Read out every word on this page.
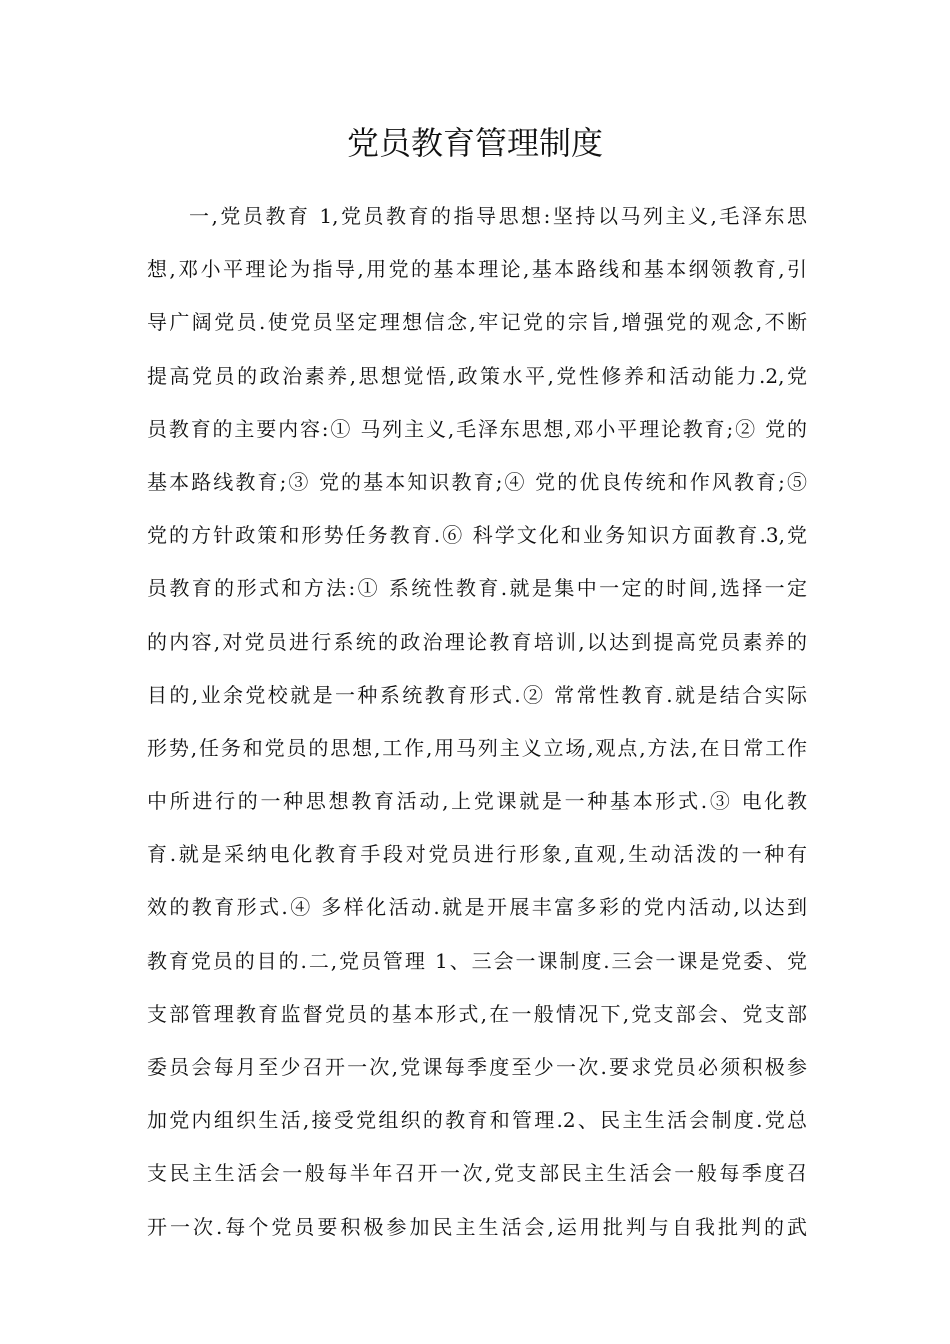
党员教育管理制度
一,党员教育 1,党员教育的指导思想:坚持以马列主义,毛泽东思
想,邓小平理论为指导,用党的基本理论,基本路线和基本纲领教育,引
导广阔党员.使党员坚定理想信念,牢记党的宗旨,增强党的观念,不断
提高党员的政治素养,思想觉悟,政策水平,党性修养和活动能力.2,党
员教育的主要内容:① 马列主义,毛泽东思想,邓小平理论教育;② 党的
基本路线教育;③ 党的基本知识教育;④ 党的优良传统和作风教育;⑤
党的方针政策和形势任务教育.⑥ 科学文化和业务知识方面教育.3,党
员教育的形式和方法:① 系统性教育.就是集中一定的时间,选择一定
的内容,对党员进行系统的政治理论教育培训,以达到提高党员素养的
目的,业余党校就是一种系统教育形式.② 常常性教育.就是结合实际
形势,任务和党员的思想,工作,用马列主义立场,观点,方法,在日常工作
中所进行的一种思想教育活动,上党课就是一种基本形式.③ 电化教
育.就是采纳电化教育手段对党员进行形象,直观,生动活泼的一种有
效的教育形式.④ 多样化活动.就是开展丰富多彩的党内活动,以达到
教育党员的目的.二,党员管理 1、三会一课制度.三会一课是党委、党
支部管理教育监督党员的基本形式,在一般情况下,党支部会、党支部
委员会每月至少召开一次,党课每季度至少一次.要求党员必须积极参
加党内组织生活,接受党组织的教育和管理.2、民主生活会制度.党总
支民主生活会一般每半年召开一次,党支部民主生活会一般每季度召
开一次.每个党员要积极参加民主生活会,运用批判与自我批判的武
